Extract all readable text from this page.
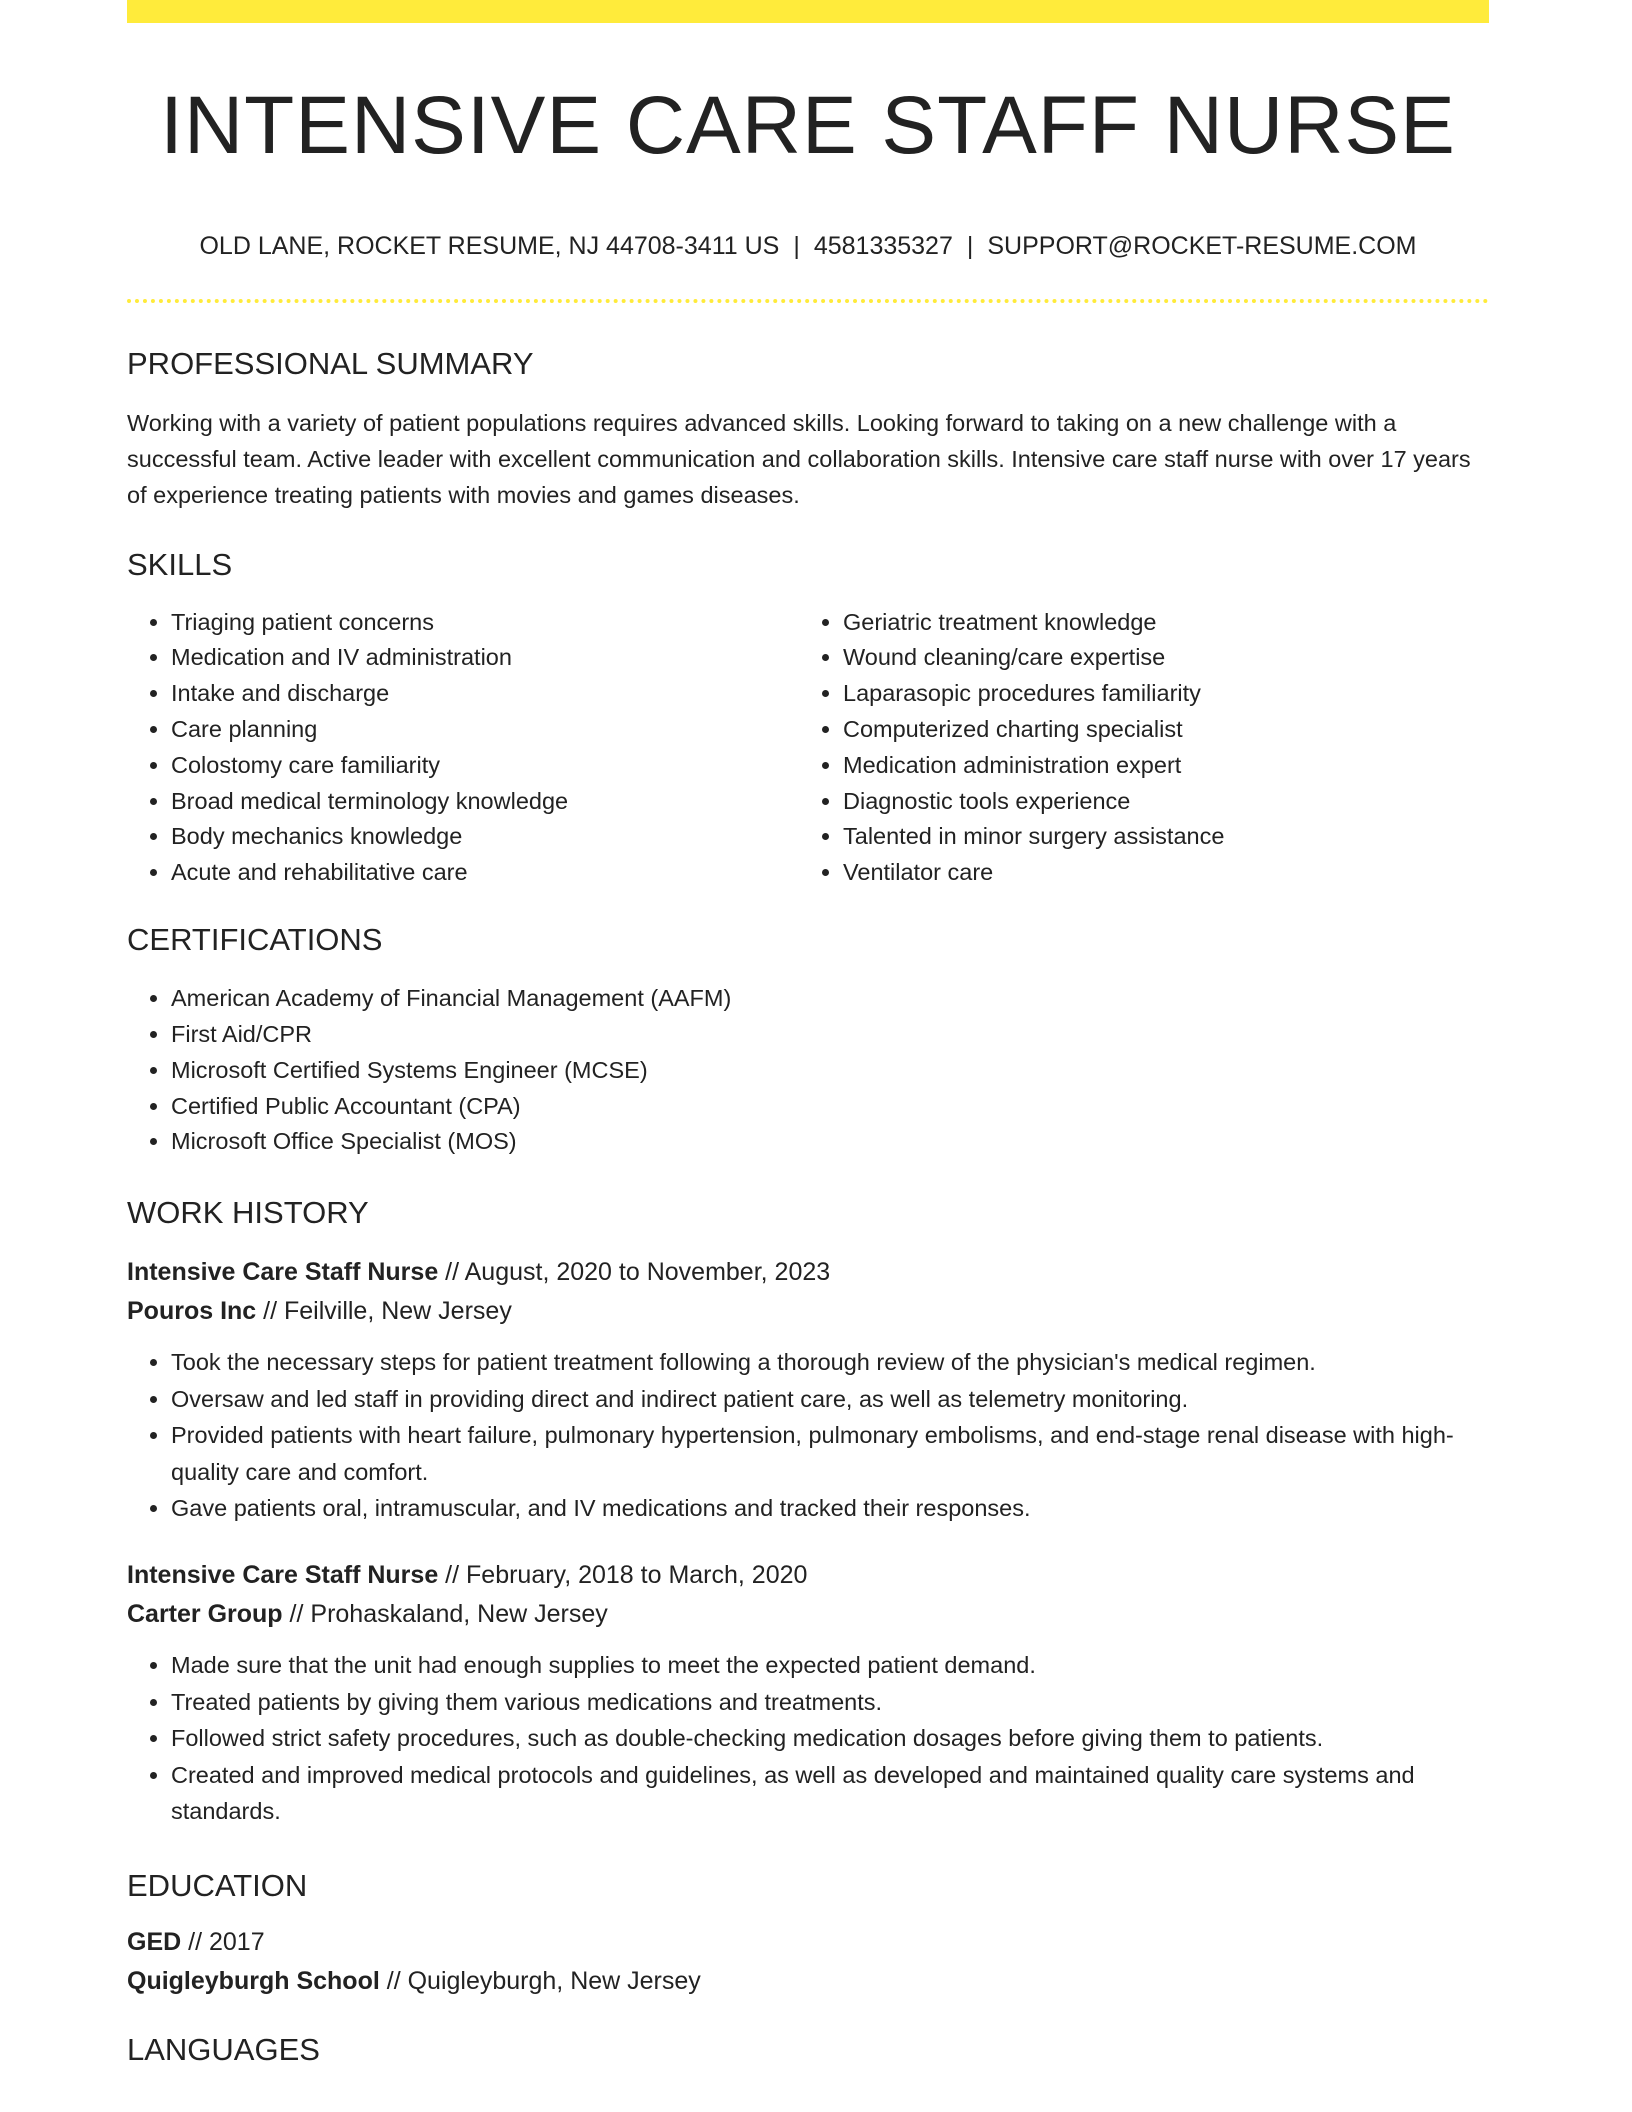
INTENSIVE CARE STAFF NURSE
OLD LANE, ROCKET RESUME, NJ 44708-3411 US | 4581335327 | SUPPORT@ROCKET-RESUME.COM
PROFESSIONAL SUMMARY
Working with a variety of patient populations requires advanced skills. Looking forward to taking on a new challenge with a successful team. Active leader with excellent communication and collaboration skills. Intensive care staff nurse with over 17 years of experience treating patients with movies and games diseases.
SKILLS
• Triaging patient concerns
• Medication and IV administration
• Intake and discharge
• Care planning
• Colostomy care familiarity
• Broad medical terminology knowledge
• Body mechanics knowledge
• Acute and rehabilitative care
• Geriatric treatment knowledge
• Wound cleaning/care expertise
• Laparasopic procedures familiarity
• Computerized charting specialist
• Medication administration expert
• Diagnostic tools experience
• Talented in minor surgery assistance
• Ventilator care
CERTIFICATIONS
• American Academy of Financial Management (AAFM)
• First Aid/CPR
• Microsoft Certified Systems Engineer (MCSE)
• Certified Public Accountant (CPA)
• Microsoft Office Specialist (MOS)
WORK HISTORY
Intensive Care Staff Nurse // August, 2020 to November, 2023
Pouros Inc // Feilville, New Jersey
• Took the necessary steps for patient treatment following a thorough review of the physician's medical regimen.
• Oversaw and led staff in providing direct and indirect patient care, as well as telemetry monitoring.
• Provided patients with heart failure, pulmonary hypertension, pulmonary embolisms, and end-stage renal disease with high-quality care and comfort.
• Gave patients oral, intramuscular, and IV medications and tracked their responses.
Intensive Care Staff Nurse // February, 2018 to March, 2020
Carter Group // Prohaskaland, New Jersey
• Made sure that the unit had enough supplies to meet the expected patient demand.
• Treated patients by giving them various medications and treatments.
• Followed strict safety procedures, such as double-checking medication dosages before giving them to patients.
• Created and improved medical protocols and guidelines, as well as developed and maintained quality care systems and standards.
EDUCATION
GED // 2017
Quigleyburgh School // Quigleyburgh, New Jersey
LANGUAGES
